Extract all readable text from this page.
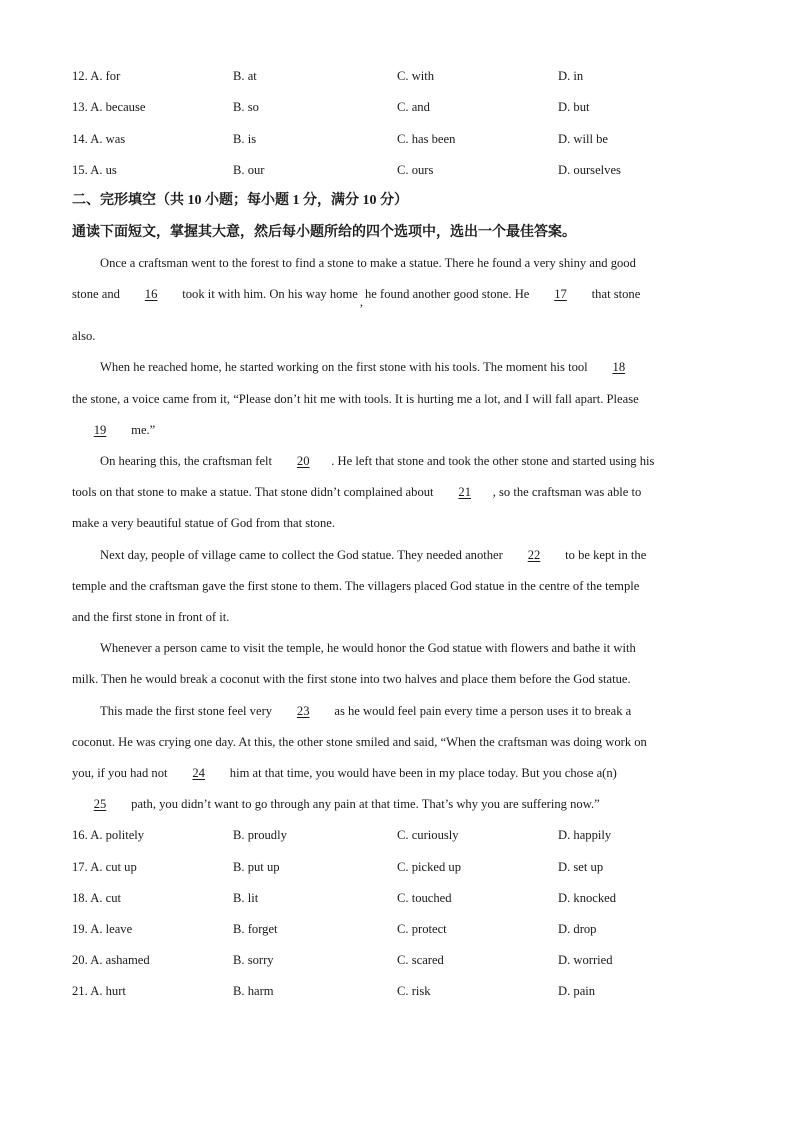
12. A. for	B. at	C. with	D. in
13. A. because	B. so	C. and	D. but
14. A. was	B. is	C. has been	D. will be
15. A. us	B. our	C. ours	D. ourselves
二、完形填空（共 10 小题；每小题 1 分，满分 10 分）
通读下面短文，掌握其大意，然后每小题所给的四个选项中，选出一个最佳答案。
Once a craftsman went to the forest to find a stone to make a statue. There he found a very shiny and good
stone and 16 took it with him. On his way home,he found another good stone. He 17 that stone
also.
When he reached home, he started working on the first stone with his tools. The moment his tool 18
the stone, a voice came from it, “Please don’t hit me with tools. It is hurting me a lot, and I will fall apart. Please
19 me.”
On hearing this, the craftsman felt 20 . He left that stone and took the other stone and started using his
tools on that stone to make a statue. That stone didn’t complained about 21 , so the craftsman was able to
make a very beautiful statue of God from that stone.
Next day, people of village came to collect the God statue. They needed another 22 to be kept in the
temple and the craftsman gave the first stone to them. The villagers placed God statue in the centre of the temple
and the first stone in front of it.
Whenever a person came to visit the temple, he would honor the God statue with flowers and bathe it with
milk. Then he would break a coconut with the first stone into two halves and place them before the God statue.
This made the first stone feel very 23 as he would feel pain every time a person uses it to break a
coconut. He was crying one day. At this, the other stone smiled and said, “When the craftsman was doing work on
you, if you had not 24 him at that time, you would have been in my place today. But you chose a(n)
25 path, you didn’t want to go through any pain at that time. That’s why you are suffering now.”
16. A. politely	B. proudly	C. curiously	D. happily
17. A. cut up	B. put up	C. picked up	D. set up
18. A. cut	B. lit	C. touched	D. knocked
19. A. leave	B. forget	C. protect	D. drop
20. A. ashamed	B. sorry	C. scared	D. worried
21. A. hurt	B. harm	C. risk	D. pain
